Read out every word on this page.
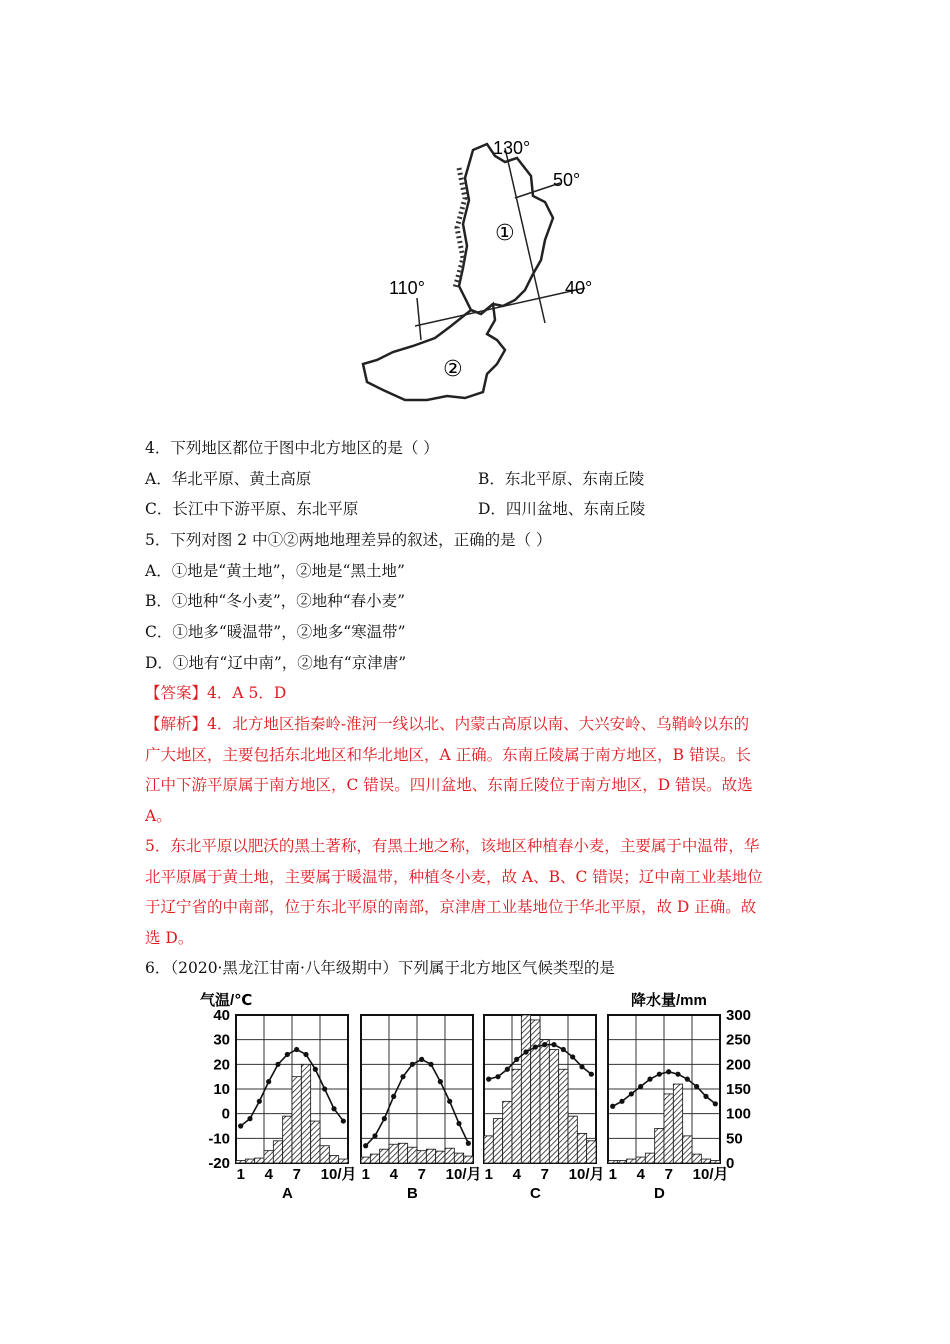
130°
50°
110°	40°
①
②
4．下列地区都位于图中北方地区的是（ ）
A．华北平原、黄土高原	B．东北平原、东南丘陵
C．长江中下游平原、东北平原	D．四川盆地、东南丘陵
5．下列对图 2 中①②两地地理差异的叙述，正确的是（ ）
A．①地是“黄土地”，②地是“黑土地”
B．①地种“冬小麦”，②地种“春小麦”
C．①地多“暖温带”，②地多“寒温带”
D．①地有“辽中南”，②地有“京津唐”
【答案】4．A 5．D
【解析】4．北方地区指秦岭-淮河一线以北、内蒙古高原以南、大兴安岭、乌鞘岭以东的
广大地区，主要包括东北地区和华北地区，A 正确。东南丘陵属于南方地区，B 错误。长
江中下游平原属于南方地区，C 错误。四川盆地、东南丘陵位于南方地区，D 错误。故选
A。
5．东北平原以肥沃的黑土著称，有黑土地之称，该地区种植春小麦，主要属于中温带，华
北平原属于黄土地，主要属于暖温带，种植冬小麦，故 A、B、C 错误；辽中南工业基地位
于辽宁省的中南部，位于东北平原的南部，京津唐工业基地位于华北平原，故 D 正确。故
选 D。
6．（2020·黑龙江甘南·八年级期中）下列属于北方地区气候类型的是
气温/℃	降水量/mm
-20
-10
0
10
20
30
40
0
50
100
150
200
250
300
1 4 7 10/月
A
1 4 7 10/月
B
1 4 7 10/月
C
1 4 7 10/月
D
